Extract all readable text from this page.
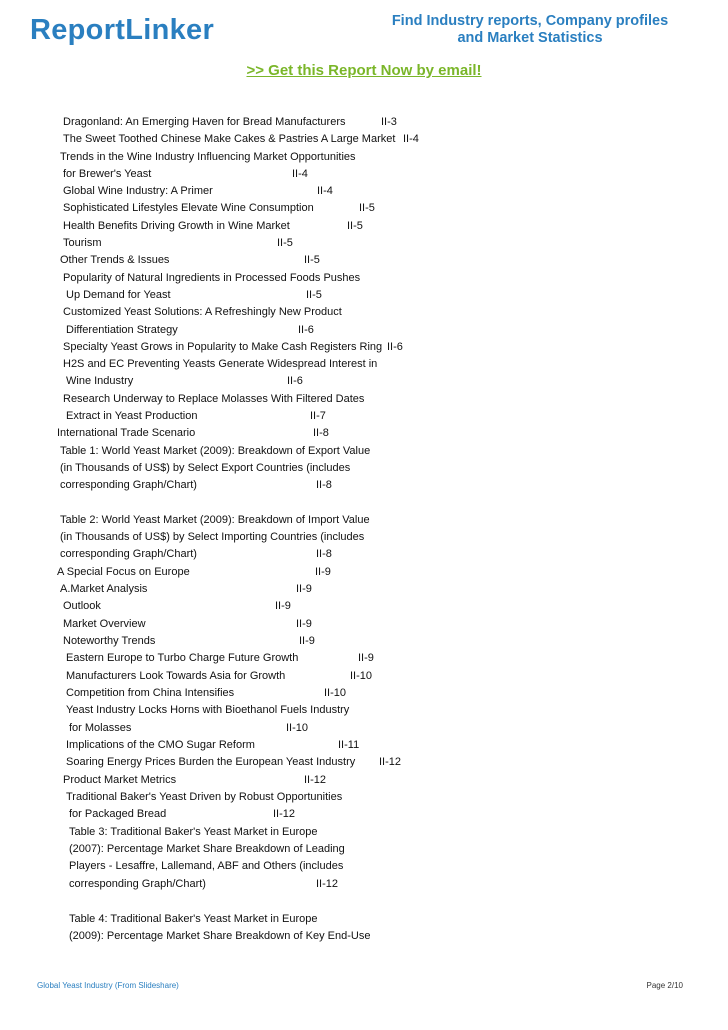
ReportLinker	Find Industry reports, Company profiles
and Market Statistics
>> Get this Report Now by email!
Dragonland: An Emerging Haven for Bread Manufacturers	II-3
The Sweet Toothed Chinese Make Cakes & Pastries A Large Market II-4
Trends in the Wine Industry Influencing Market Opportunities
for Brewer's Yeast	II-4
Global Wine Industry: A Primer	II-4
Sophisticated Lifestyles Elevate Wine Consumption	II-5
Health Benefits Driving Growth in Wine Market	II-5
Tourism	II-5
Other Trends & Issues	II-5
Popularity of Natural Ingredients in Processed Foods Pushes
Up Demand for Yeast	II-5
Customized Yeast Solutions: A Refreshingly New Product
Differentiation Strategy	II-6
Specialty Yeast Grows in Popularity to Make Cash Registers Ring II-6
H2S and EC Preventing Yeasts Generate Widespread Interest in
Wine Industry	II-6
Research Underway to Replace Molasses With Filtered Dates
Extract in Yeast Production	II-7
International Trade Scenario	II-8
Table 1: World Yeast Market (2009): Breakdown of Export Value
(in Thousands of US$) by Select Export Countries (includes
corresponding Graph/Chart)	II-8
Table 2: World Yeast Market (2009): Breakdown of Import Value
(in Thousands of US$) by Select Importing Countries (includes
corresponding Graph/Chart)	II-8
A Special Focus on Europe	II-9
A.Market Analysis	II-9
Outlook	II-9
Market Overview	II-9
Noteworthy Trends	II-9
Eastern Europe to Turbo Charge Future Growth	II-9
Manufacturers Look Towards Asia for Growth	II-10
Competition from China Intensifies	II-10
Yeast Industry Locks Horns with Bioethanol Fuels Industry
for Molasses	II-10
Implications of the CMO Sugar Reform	II-11
Soaring Energy Prices Burden the European Yeast Industry II-12
Product Market Metrics	II-12
Traditional Baker's Yeast Driven by Robust Opportunities
for Packaged Bread	II-12
Table 3: Traditional Baker's Yeast Market in Europe
(2007): Percentage Market Share Breakdown of Leading
Players - Lesaffre, Lallemand, ABF and Others (includes
corresponding Graph/Chart)	II-12
Table 4: Traditional Baker's Yeast Market in Europe
(2009): Percentage Market Share Breakdown of Key End-Use
Global Yeast Industry (From Slideshare)	Page 2/10
